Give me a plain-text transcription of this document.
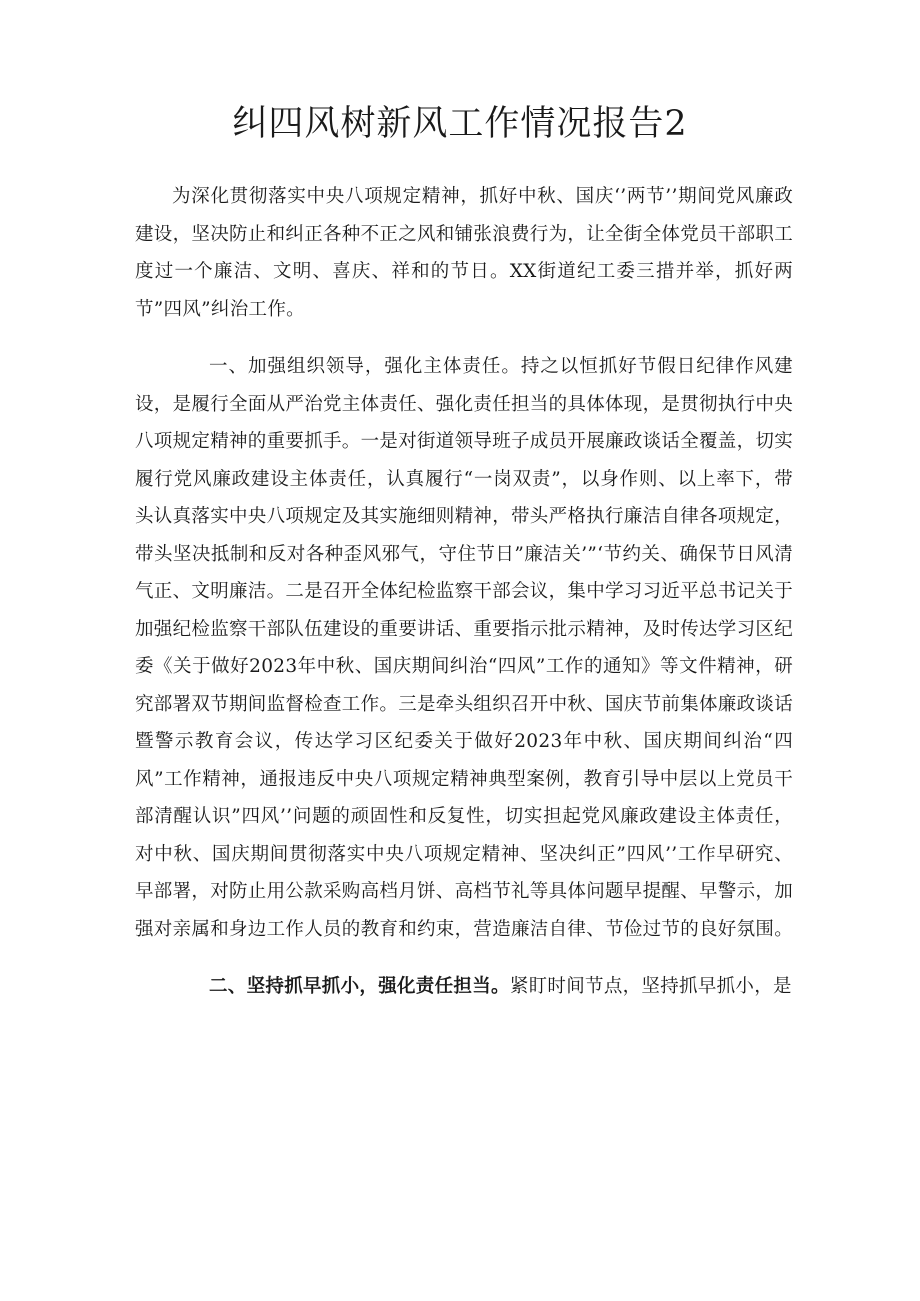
纠四风树新风工作情况报告2

为深化贯彻落实中央八项规定精神，抓好中秋、国庆‘’两节’’期间党风廉政建设，坚决防止和纠正各种不正之风和铺张浪费行为，让全街全体党员干部职工度过一个廉洁、文明、喜庆、祥和的节日。XX街道纪工委三措并举，抓好两节”四风”纠治工作。

一、加强组织领导，强化主体责任。持之以恒抓好节假日纪律作风建设，是履行全面从严治党主体责任、强化责任担当的具体体现，是贯彻执行中央八项规定精神的重要抓手。一是对街道领导班子成员开展廉政谈话全覆盖，切实履行党风廉政建设主体责任，认真履行“一岗双责”，以身作则、以上率下，带头认真落实中央八项规定及其实施细则精神，带头严格执行廉洁自律各项规定，带头坚决抵制和反对各种歪风邪气，守住节日”廉洁关’”‘节约关、确保节日风清气正、文明廉洁。二是召开全体纪检监察干部会议，集中学习习近平总书记关于加强纪检监察干部队伍建设的重要讲话、重要指示批示精神，及时传达学习区纪委《关于做好2023年中秋、国庆期间纠治“四风”工作的通知》等文件精神，研究部署双节期间监督检查工作。三是牵头组织召开中秋、国庆节前集体廉政谈话暨警示教育会议，传达学习区纪委关于做好2023年中秋、国庆期间纠治“四风”工作精神，通报违反中央八项规定精神典型案例，教育引导中层以上党员干部清醒认识”四风’’问题的顽固性和反复性，切实担起党风廉政建设主体责任，对中秋、国庆期间贯彻落实中央八项规定精神、坚决纠正”四风’’工作早研究、早部署，对防止用公款采购高档月饼、高档节礼等具体问题早提醒、早警示，加强对亲属和身边工作人员的教育和约束，营造廉洁自律、节俭过节的良好氛围。

二、坚持抓早抓小，强化责任担当。紧盯时间节点，坚持抓早抓小，是
